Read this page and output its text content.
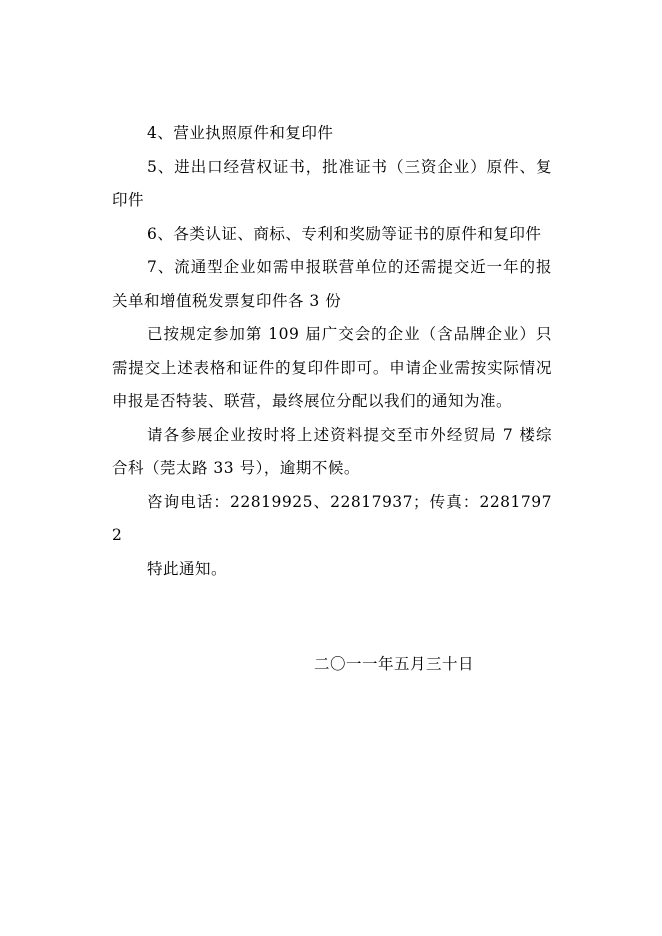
4、营业执照原件和复印件

5、进出口经营权证书，批准证书（三资企业）原件、复印件

6、各类认证、商标、专利和奖励等证书的原件和复印件

7、流通型企业如需申报联营单位的还需提交近一年的报关单和增值税发票复印件各 3 份

已按规定参加第 109 届广交会的企业（含品牌企业）只需提交上述表格和证件的复印件即可。申请企业需按实际情况申报是否特装、联营，最终展位分配以我们的通知为准。

请各参展企业按时将上述资料提交至市外经贸局 7 楼综合科（莞太路 33 号），逾期不候。

咨询电话：22819925、22817937；传真：22817972

特此通知。

二〇一一年五月三十日
